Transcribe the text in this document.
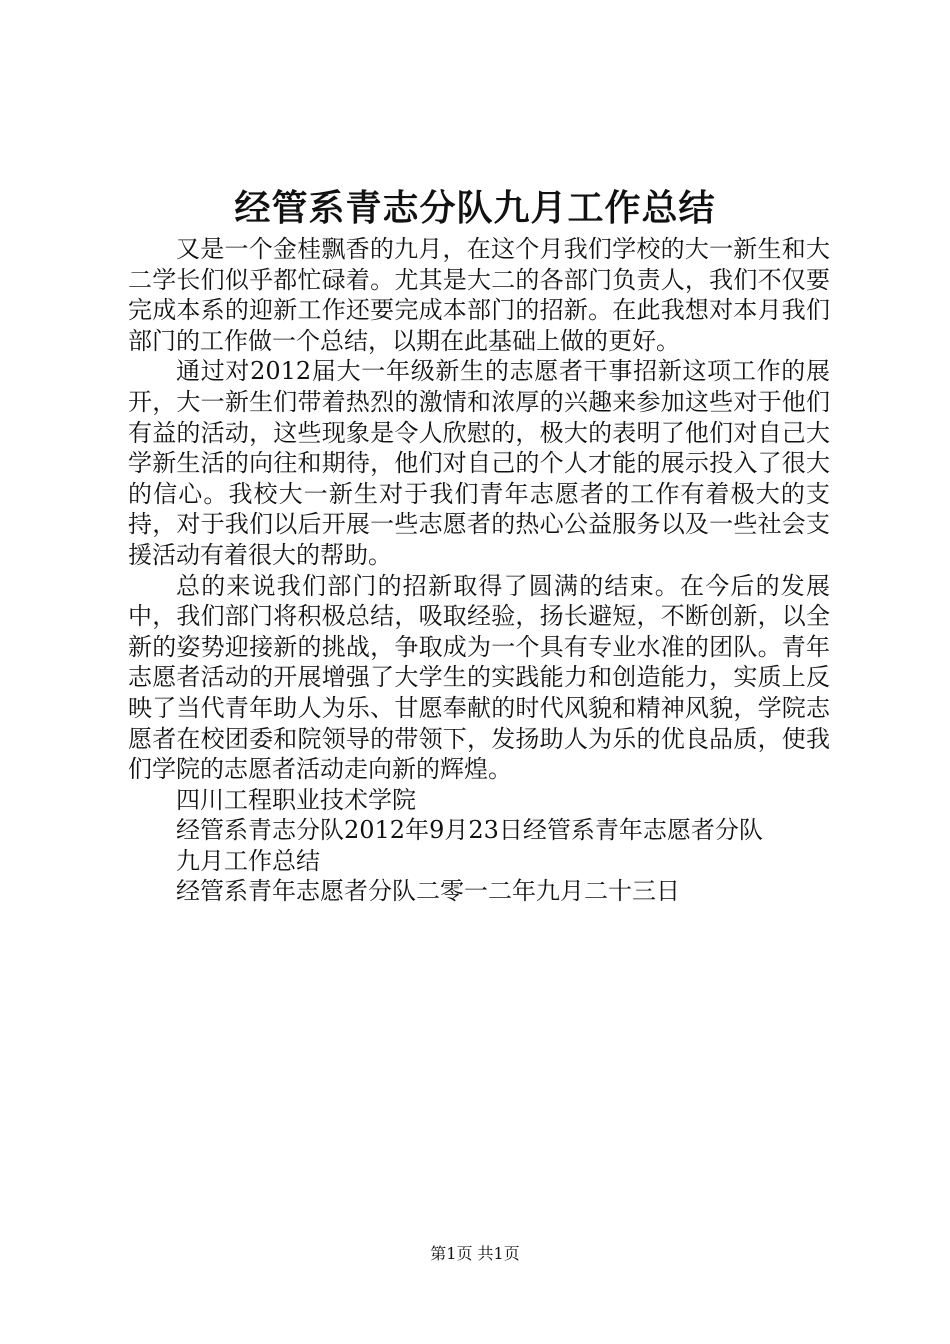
经管系青志分队九月工作总结

又是一个金桂飘香的九月，在这个月我们学校的大一新生和大二学长们似乎都忙碌着。尤其是大二的各部门负责人，我们不仅要完成本系的迎新工作还要完成本部门的招新。在此我想对本月我们部门的工作做一个总结，以期在此基础上做的更好。

通过对2012届大一年级新生的志愿者干事招新这项工作的展开，大一新生们带着热烈的激情和浓厚的兴趣来参加这些对于他们有益的活动，这些现象是令人欣慰的，极大的表明了他们对自己大学新生活的向往和期待，他们对自己的个人才能的展示投入了很大的信心。我校大一新生对于我们青年志愿者的工作有着极大的支持，对于我们以后开展一些志愿者的热心公益服务以及一些社会支援活动有着很大的帮助。

总的来说我们部门的招新取得了圆满的结束。在今后的发展中，我们部门将积极总结，吸取经验，扬长避短，不断创新，以全新的姿势迎接新的挑战，争取成为一个具有专业水准的团队。青年志愿者活动的开展增强了大学生的实践能力和创造能力，实质上反映了当代青年助人为乐、甘愿奉献的时代风貌和精神风貌，学院志愿者在校团委和院领导的带领下，发扬助人为乐的优良品质，使我们学院的志愿者活动走向新的辉煌。

四川工程职业技术学院

经管系青志分队2012年9月23日经管系青年志愿者分队

九月工作总结

经管系青年志愿者分队二零一二年九月二十三日

第1页 共1页
